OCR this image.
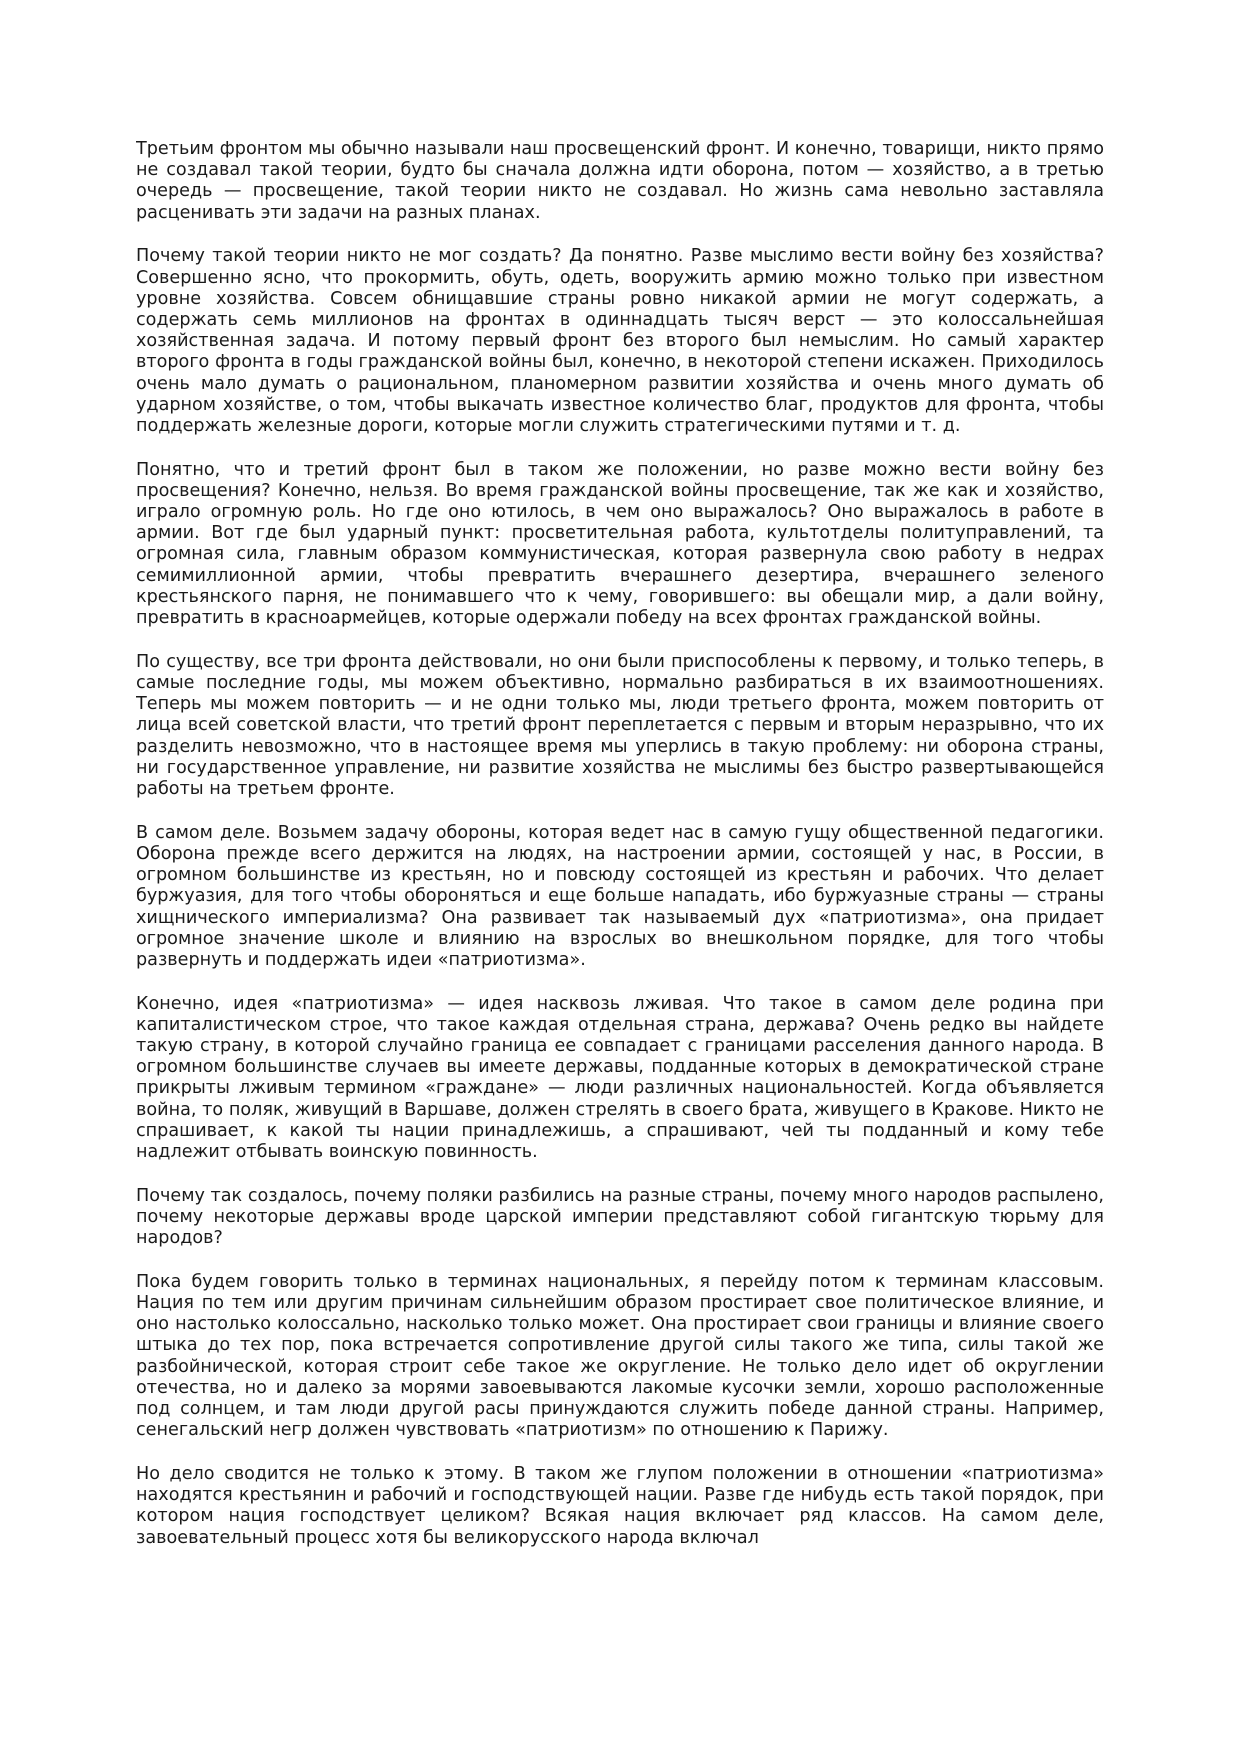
Третьим фронтом мы обычно называли наш просвещенский фронт. И конечно, товарищи, никто прямо не создавал такой теории, будто бы сначала должна идти оборона, потом — хозяйство, а в третью очередь — просвещение, такой теории никто не создавал. Но жизнь сама невольно заставляла расценивать эти задачи на разных планах.

Почему такой теории никто не мог создать? Да понятно. Разве мыслимо вести войну без хозяйства? Совершенно ясно, что прокормить, обуть, одеть, вооружить армию можно только при известном уровне хозяйства. Совсем обнищавшие страны ровно никакой армии не могут содержать, а содержать семь миллионов на фронтах в одиннадцать тысяч верст — это колоссальнейшая хозяйственная задача. И потому первый фронт без второго был немыслим. Но самый характер второго фронта в годы гражданской войны был, конечно, в некоторой степени искажен. Приходилось очень мало думать о рациональном, планомерном развитии хозяйства и очень много думать об ударном хозяйстве, о том, чтобы выкачать известное количество благ, продуктов для фронта, чтобы поддержать железные дороги, которые могли служить стратегическими путями и т. д.

Понятно, что и третий фронт был в таком же положении, но разве можно вести войну без просвещения? Конечно, нельзя. Во время гражданской войны просвещение, так же как и хозяйство, играло огромную роль. Но где оно ютилось, в чем оно выражалось? Оно выражалось в работе в армии. Вот где был ударный пункт: просветительная работа, культотделы политуправлений, та огромная сила, главным образом коммунистическая, которая развернула свою работу в недрах семимиллионной армии, чтобы превратить вчерашнего дезертира, вчерашнего зеленого крестьянского парня, не понимавшего что к чему, говорившего: вы обещали мир, а дали войну, превратить в красноармейцев, которые одержали победу на всех фронтах гражданской войны.

По существу, все три фронта действовали, но они были приспособлены к первому, и только теперь, в самые последние годы, мы можем объективно, нормально разбираться в их взаимоотношениях. Теперь мы можем повторить — и не одни только мы, люди третьего фронта, можем повторить от лица всей советской власти, что третий фронт переплетается с первым и вторым неразрывно, что их разделить невозможно, что в настоящее время мы уперлись в такую проблему: ни оборона страны, ни государственное управление, ни развитие хозяйства не мыслимы без быстро развертывающейся работы на третьем фронте.

В самом деле. Возьмем задачу обороны, которая ведет нас в самую гущу общественной педагогики. Оборона прежде всего держится на людях, на настроении армии, состоящей у нас, в России, в огромном большинстве из крестьян, но и повсюду состоящей из крестьян и рабочих. Что делает буржуазия, для того чтобы обороняться и еще больше нападать, ибо буржуазные страны — страны хищнического империализма? Она развивает так называемый дух «патриотизма», она придает огромное значение школе и влиянию на взрослых во внешкольном порядке, для того чтобы развернуть и поддержать идеи «патриотизма».

Конечно, идея «патриотизма» — идея насквозь лживая. Что такое в самом деле родина при капиталистическом строе, что такое каждая отдельная страна, держава? Очень редко вы найдете такую страну, в которой случайно граница ее совпадает с границами расселения данного народа. В огромном большинстве случаев вы имеете державы, подданные которых в демократической стране прикрыты лживым термином «граждане» — люди различных национальностей. Когда объявляется война, то поляк, живущий в Варшаве, должен стрелять в своего брата, живущего в Кракове. Никто не спрашивает, к какой ты нации принадлежишь, а спрашивают, чей ты подданный и кому тебе надлежит отбывать воинскую повинность.

Почему так создалось, почему поляки разбились на разные страны, почему много народов распылено, почему некоторые державы вроде царской империи представляют собой гигантскую тюрьму для народов?

Пока будем говорить только в терминах национальных, я перейду потом к терминам классовым. Нация по тем или другим причинам сильнейшим образом простирает свое политическое влияние, и оно настолько колоссально, насколько только может. Она простирает свои границы и влияние своего штыка до тех пор, пока встречается сопротивление другой силы такого же типа, силы такой же разбойнической, которая строит себе такое же округление. Не только дело идет об округлении отечества, но и далеко за морями завоевываются лакомые кусочки земли, хорошо расположенные под солнцем, и там люди другой расы принуждаются служить победе данной страны. Например, сенегальский негр должен чувствовать «патриотизм» по отношению к Парижу.

Но дело сводится не только к этому. В таком же глупом положении в отношении «патриотизма» находятся крестьянин и рабочий и господствующей нации. Разве где нибудь есть такой порядок, при котором нация господствует целиком? Всякая нация включает ряд классов. На самом деле, завоевательный процесс хотя бы великорусского народа включал
